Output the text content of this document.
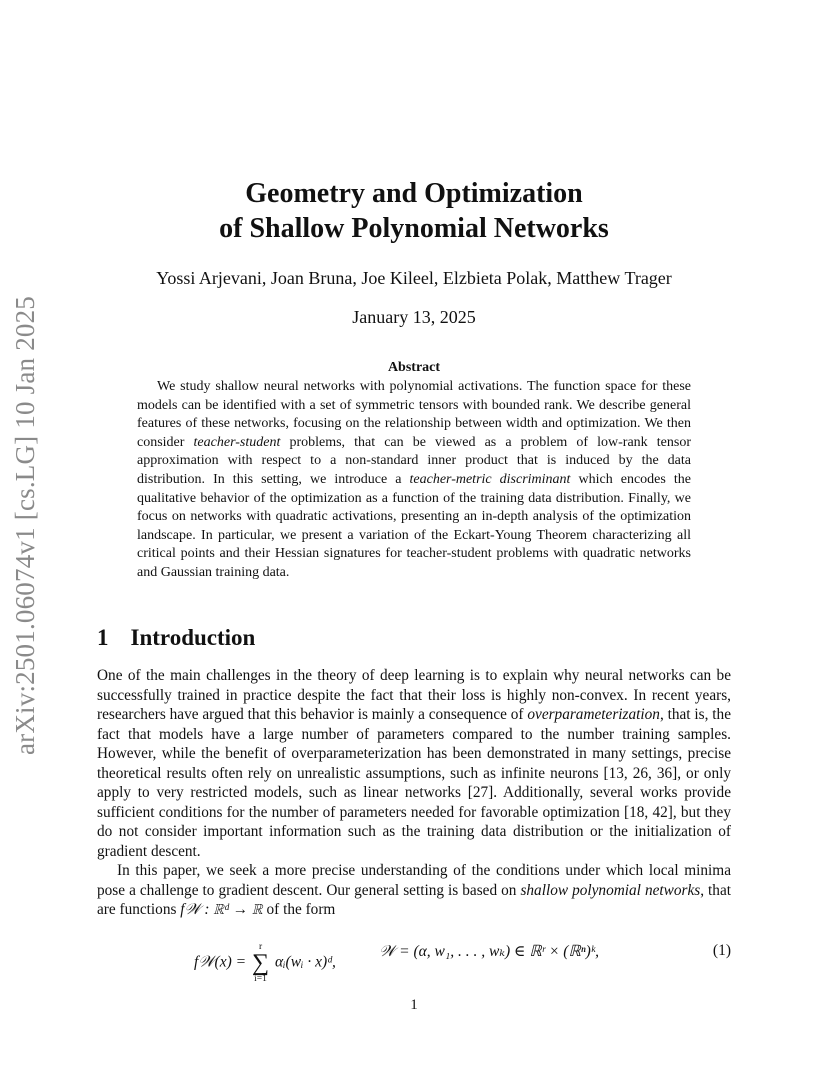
arXiv:2501.06074v1 [cs.LG] 10 Jan 2025
Geometry and Optimization
of Shallow Polynomial Networks
Yossi Arjevani, Joan Bruna, Joe Kileel, Elzbieta Polak, Matthew Trager
January 13, 2025
Abstract

We study shallow neural networks with polynomial activations. The function space for these models can be identified with a set of symmetric tensors with bounded rank. We describe general features of these networks, focusing on the relationship between width and optimization. We then consider teacher-student problems, that can be viewed as a problem of low-rank tensor approximation with respect to a non-standard inner product that is induced by the data distribution. In this setting, we introduce a teacher-metric discriminant which encodes the qualitative behavior of the optimization as a function of the training data distribution. Finally, we focus on networks with quadratic activations, presenting an in-depth analysis of the optimization landscape. In particular, we present a variation of the Eckart-Young Theorem characterizing all critical points and their Hessian signatures for teacher-student problems with quadratic networks and Gaussian training data.

1 Introduction

One of the main challenges in the theory of deep learning is to explain why neural networks can be successfully trained in practice despite the fact that their loss is highly non-convex. In recent years, researchers have argued that this behavior is mainly a consequence of overparameterization, that is, the fact that models have a large number of parameters compared to the number training samples. However, while the benefit of overparameterization has been demonstrated in many settings, precise theoretical results often rely on unrealistic assumptions, such as infinite neurons [13, 26, 36], or only apply to very restricted models, such as linear networks [27]. Additionally, several works provide sufficient conditions for the number of parameters needed for favorable optimization [18, 42], but they do not consider important information such as the training data distribution or the initialization of gradient descent.

In this paper, we seek a more precise understanding of the conditions under which local minima pose a challenge to gradient descent. Our general setting is based on shallow polynomial networks, that are functions f𝒲 : ℝᵈ → ℝ of the form

f𝒲(x) =
r
∑
i=1
αᵢ(wᵢ · x)ᵈ,
𝒲 = (α, w₁, . . . , wₖ) ∈ ℝʳ × (ℝⁿ)ᵏ,	(1)
1
